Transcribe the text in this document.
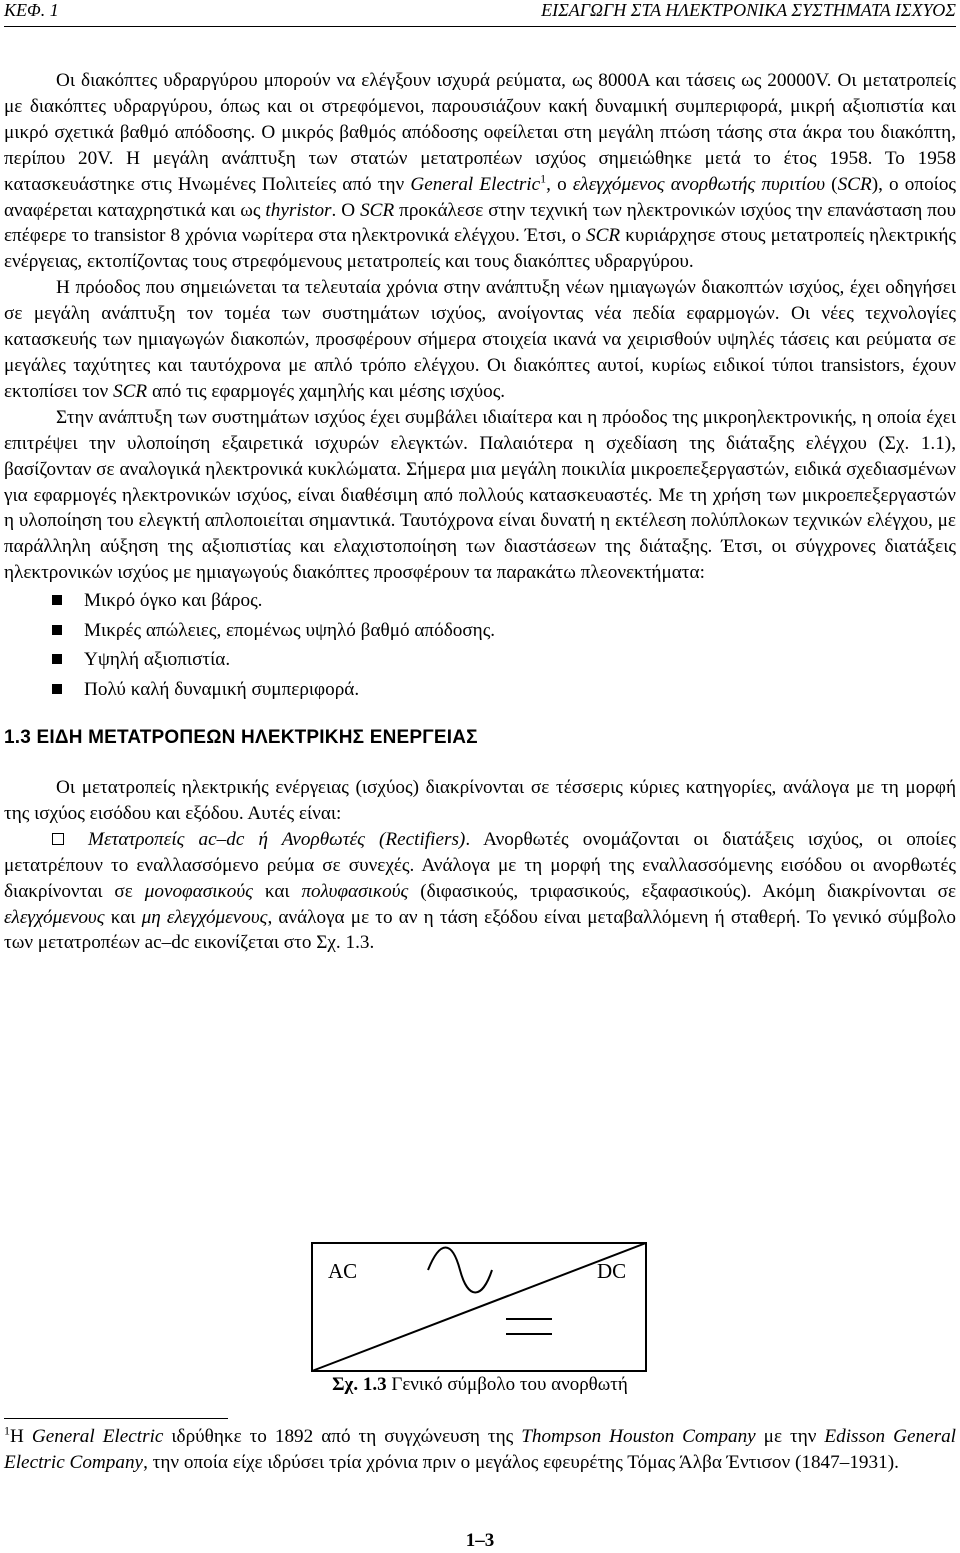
ΚΕΦ. 1	ΕΙΣΑΓΩΓΗ ΣΤΑ ΗΛΕΚΤΡΟΝΙΚΑ ΣΥΣΤΗΜΑΤΑ ΙΣΧΥΟΣ

Οι διακόπτες υδραργύρου μπορούν να ελέγξουν ισχυρά ρεύματα, ως 8000Α και τάσεις ως 20000V. Οι μετατροπείς με διακόπτες υδραργύρου, όπως και οι στρεφόμενοι, παρουσιάζουν κακή δυναμική συμπεριφορά, μικρή αξιοπιστία και μικρό σχετικά βαθμό απόδοσης. Ο μικρός βαθμός απόδοσης οφείλεται στη μεγάλη πτώση τάσης στα άκρα του διακόπτη, περίπου 20V. Η μεγάλη ανάπτυξη των στατών μετατροπέων ισχύος σημειώθηκε μετά το έτος 1958. Το 1958 κατασκευάστηκε στις Ηνωμένες Πολιτείες από την General Electric$^1$, ο ελεγχόμενος ανορθωτής πυριτίου (SCR), ο οποίος αναφέρεται καταχρηστικά και ως thyristor. Ο SCR προκάλεσε στην τεχνική των ηλεκτρονικών ισχύος την επανάσταση που επέφερε το transistor 8 χρόνια νωρίτερα στα ηλεκτρονικά ελέγχου. Έτσι, ο SCR κυριάρχησε στους μετατροπείς ηλεκτρικής ενέργειας, εκτοπίζοντας τους στρεφόμενους μετατροπείς και τους διακόπτες υδραργύρου.

Η πρόοδος που σημειώνεται τα τελευταία χρόνια στην ανάπτυξη νέων ημιαγωγών διακοπτών ισχύος, έχει οδηγήσει σε μεγάλη ανάπτυξη τον τομέα των συστημάτων ισχύος, ανοίγοντας νέα πεδία εφαρμογών. Οι νέες τεχνολογίες κατασκευής των ημιαγωγών διακοπών, προσφέρουν σήμερα στοιχεία ικανά να χειρισθούν υψηλές τάσεις και ρεύματα σε μεγάλες ταχύτητες και ταυτόχρονα με απλό τρόπο ελέγχου. Οι διακόπτες αυτοί, κυρίως ειδικοί τύποι transistors, έχουν εκτοπίσει τον SCR από τις εφαρμογές χαμηλής και μέσης ισχύος.

Στην ανάπτυξη των συστημάτων ισχύος έχει συμβάλει ιδιαίτερα και η πρόοδος της μικροηλεκτρονικής, η οποία έχει επιτρέψει την υλοποίηση εξαιρετικά ισχυρών ελεγκτών. Παλαιότερα η σχεδίαση της διάταξης ελέγχου (Σχ. 1.1), βασίζονταν σε αναλογικά ηλεκτρονικά κυκλώματα. Σήμερα μια μεγάλη ποικιλία μικροεπεξεργαστών, ειδικά σχεδιασμένων για εφαρμογές ηλεκτρονικών ισχύος, είναι διαθέσιμη από πολλούς κατασκευαστές. Με τη χρήση των μικροεπεξεργαστών η υλοποίηση του ελεγκτή απλοποιείται σημαντικά. Ταυτόχρονα είναι δυνατή η εκτέλεση πολύπλοκων τεχνικών ελέγχου, με παράλληλη αύξηση της αξιοπιστίας και ελαχιστοποίηση των διαστάσεων της διάταξης. Έτσι, οι σύγχρονες διατάξεις ηλεκτρονικών ισχύος με ημιαγωγούς διακόπτες προσφέρουν τα παρακάτω πλεονεκτήματα:

Μικρό όγκο και βάρος.
Μικρές απώλειες, επομένως υψηλό βαθμό απόδοσης.
Υψηλή αξιοπιστία.
Πολύ καλή δυναμική συμπεριφορά.
1.3 ΕΙΔΗ ΜΕΤΑΤΡΟΠΕΩΝ ΗΛΕΚΤΡΙΚΗΣ ΕΝΕΡΓΕΙΑΣ

Οι μετατροπείς ηλεκτρικής ενέργειας (ισχύος) διακρίνονται σε τέσσερις κύριες κατηγορίες, ανάλογα με τη μορφή της ισχύος εισόδου και εξόδου. Αυτές είναι:

Μετατροπείς ac–dc ή Ανορθωτές (Rectifiers). Ανορθωτές ονομάζονται οι διατάξεις ισχύος, οι οποίες μετατρέπουν το εναλλασσόμενο ρεύμα σε συνεχές. Ανάλογα με τη μορφή της εναλλασσόμενης εισόδου οι ανορθωτές διακρίνονται σε μονοφασικούς και πολυφασικούς (διφασικούς, τριφασικούς, εξαφασικούς). Ακόμη διακρίνονται σε ελεγχόμενους και μη ελεγχόμενους, ανάλογα με το αν η τάση εξόδου είναι μεταβαλλόμενη ή σταθερή. Το γενικό σύμβολο των μετατροπέων ac–dc εικονίζεται στο Σχ. 1.3.

AC	DC
Σχ. 1.3 Γενικό σύμβολο του ανορθωτή
$^1$Η General Electric ιδρύθηκε το 1892 από τη συγχώνευση της Thompson Houston Company με την Edisson General Electric Company, την οποία είχε ιδρύσει τρία χρόνια πριν ο μεγάλος εφευρέτης Τόμας Άλβα Έντισον (1847–1931).
1–3
